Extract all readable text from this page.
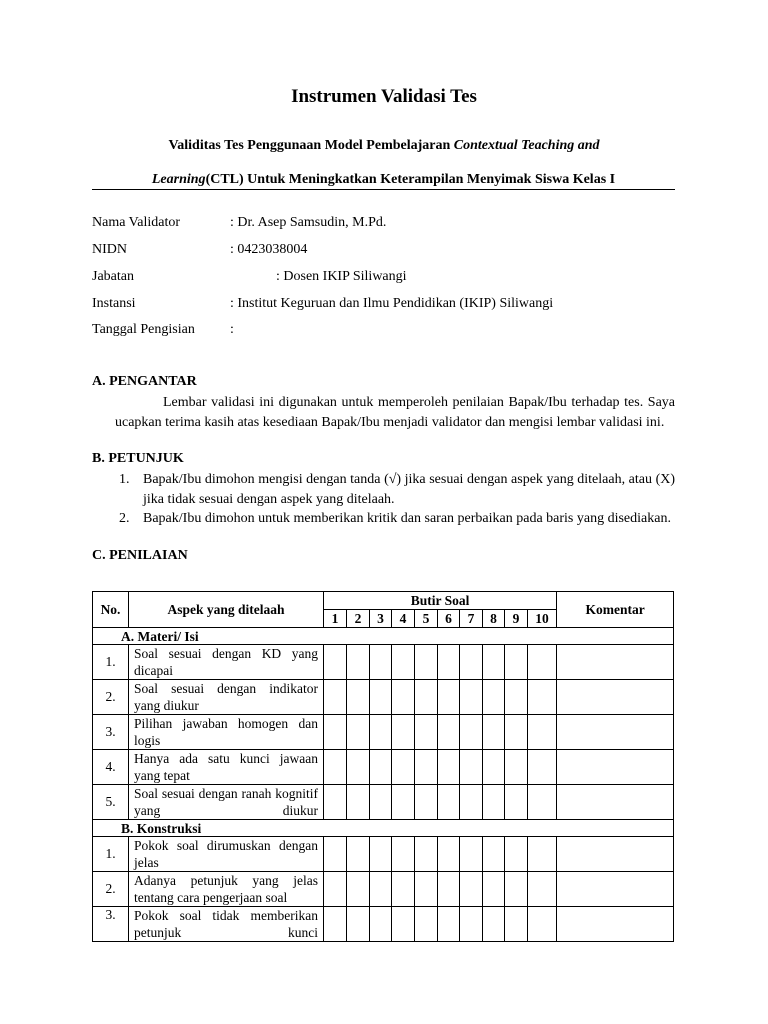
Instrumen Validasi Tes
Validitas Tes Penggunaan Model Pembelajaran Contextual Teaching and
Learning(CTL) Untuk Meningkatkan Keterampilan Menyimak Siswa Kelas I
Nama Validator	: Dr. Asep Samsudin, M.Pd.
NIDN	: 0423038004
Jabatan	: Dosen IKIP Siliwangi
Instansi	: Institut Keguruan dan Ilmu Pendidikan (IKIP) Siliwangi
Tanggal Pengisian	:
A. PENGANTAR
Lembar validasi ini digunakan untuk memperoleh penilaian Bapak/Ibu terhadap tes. Saya ucapkan terima kasih atas kesediaan Bapak/Ibu menjadi validator dan mengisi lembar validasi ini.
B. PETUNJUK
1. Bapak/Ibu dimohon mengisi dengan tanda (√) jika sesuai dengan aspek yang ditelaah, atau (X) jika tidak sesuai dengan aspek yang ditelaah.
2. Bapak/Ibu dimohon untuk memberikan kritik dan saran perbaikan pada baris yang disediakan.
C. PENILAIAN
No.	Aspek yang ditelaah	Butir Soal										Komentar
		1	2	3	4	5	6	7	8	9	10	
A. Materi/ Isi												
1.	Soal sesuai dengan KD yang dicapai											
2.	Soal sesuai dengan indikator yang diukur											
3.	Pilihan jawaban homogen dan logis											
4.	Hanya ada satu kunci jawaan yang tepat											
5.	Soal sesuai dengan ranah kognitif yang diukur											
B. Konstruksi												
1.	Pokok soal dirumuskan dengan jelas											
2.	Adanya petunjuk yang jelas tentang cara pengerjaan soal											
3.	Pokok soal tidak memberikan petunjuk kunci											
